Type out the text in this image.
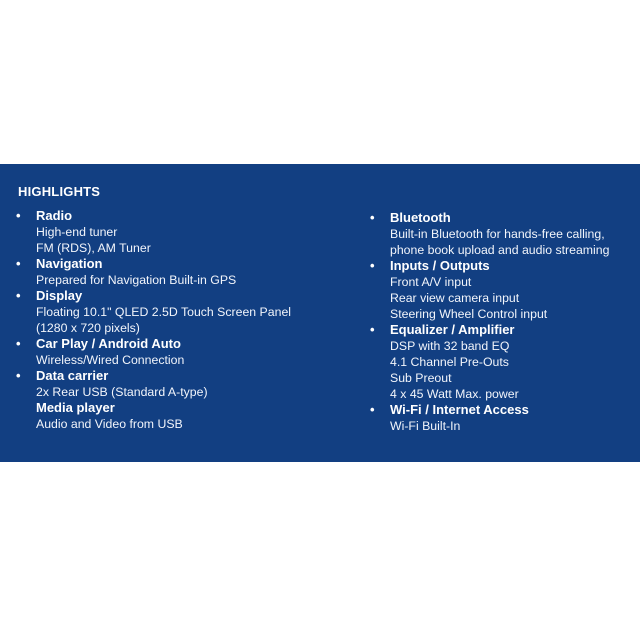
HIGHLIGHTS
• Radio
High-end tuner
FM (RDS), AM Tuner
• Navigation
Prepared for Navigation Built-in GPS
• Display
Floating 10.1" QLED 2.5D Touch Screen Panel
(1280 x 720 pixels)
• Car Play / Android Auto
Wireless/Wired Connection
• Data carrier
2x Rear USB (Standard A-type)
Media player
Audio and Video from USB
• Bluetooth
Built-in Bluetooth for hands-free calling,
phone book upload and audio streaming
• Inputs / Outputs
Front A/V input
Rear view camera input
Steering Wheel Control input
• Equalizer / Amplifier
DSP with 32 band EQ
4.1 Channel Pre-Outs
Sub Preout
4 x 45 Watt Max. power
• Wi-Fi / Internet Access
Wi-Fi Built-In
